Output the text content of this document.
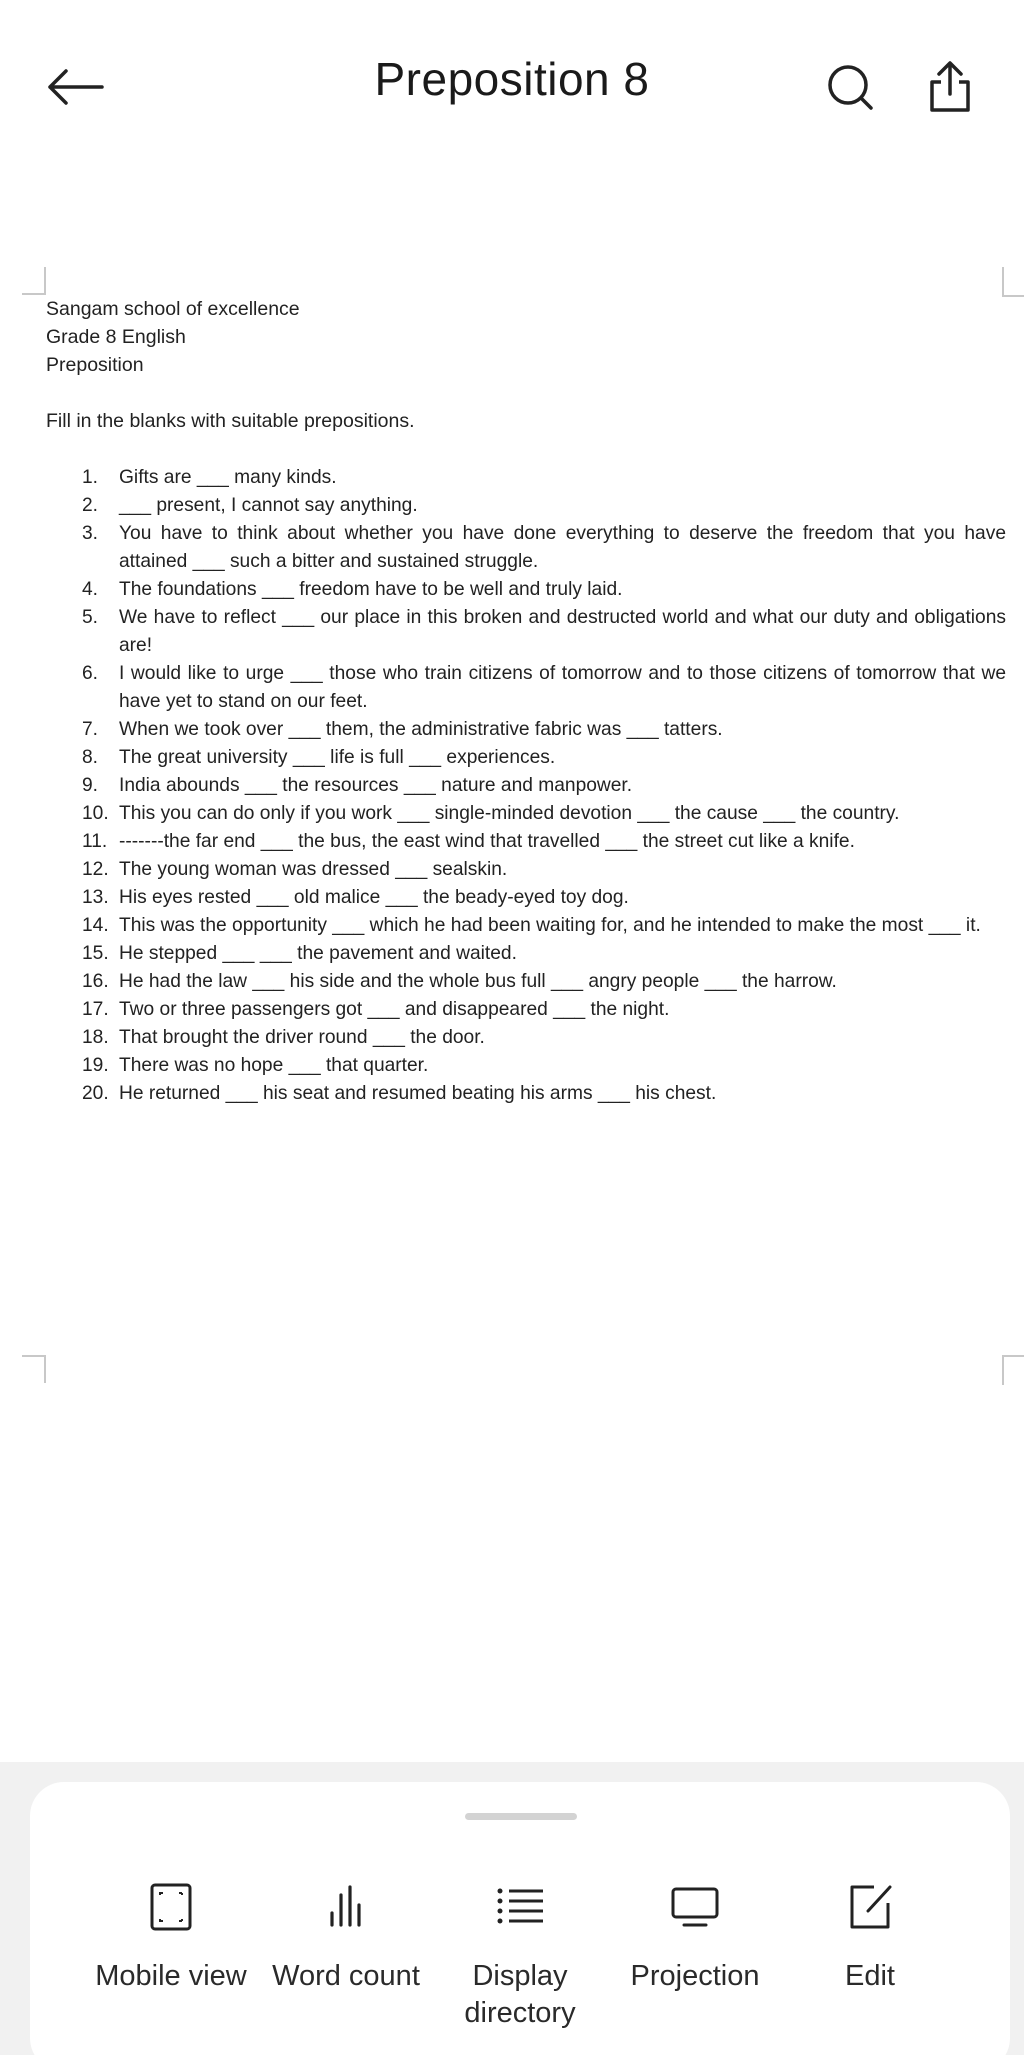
Preposition 8
Sangam school of excellence
Grade 8 English
Preposition
Fill in the blanks with suitable prepositions.
1.	Gifts are ___ many kinds.
2.	___ present, I cannot say anything.
3.	You have to think about whether you have done everything to deserve the freedom that you have attained ___ such a bitter and sustained struggle.
4.	The foundations ___ freedom have to be well and truly laid.
5.	We have to reflect ___ our place in this broken and destructed world and what our duty and obligations are!
6.	I would like to urge ___ those who train citizens of tomorrow and to those citizens of tomorrow that we have yet to stand on our feet.
7.	When we took over ___ them, the administrative fabric was ___ tatters.
8.	The great university ___ life is full ___ experiences.
9.	India abounds ___ the resources ___ nature and manpower.
10. This you can do only if you work ___ single-minded devotion ___ the cause ___ the country.
11. -------the far end ___ the bus, the east wind that travelled ___ the street cut like a knife.
12. The young woman was dressed ___ sealskin.
13. His eyes rested ___ old malice ___ the beady-eyed toy dog.
14. This was the opportunity ___ which he had been waiting for, and he intended to make the most ___ it.
15. He stepped ___ ___ the pavement and waited.
16. He had the law ___ his side and the whole bus full ___ angry people ___ the harrow.
17. Two or three passengers got ___ and disappeared ___ the night.
18. That brought the driver round ___ the door.
19. There was no hope ___ that quarter.
20. He returned ___ his seat and resumed beating his arms ___ his chest.
Mobile view Word count	Display directory
Projection	Edit
